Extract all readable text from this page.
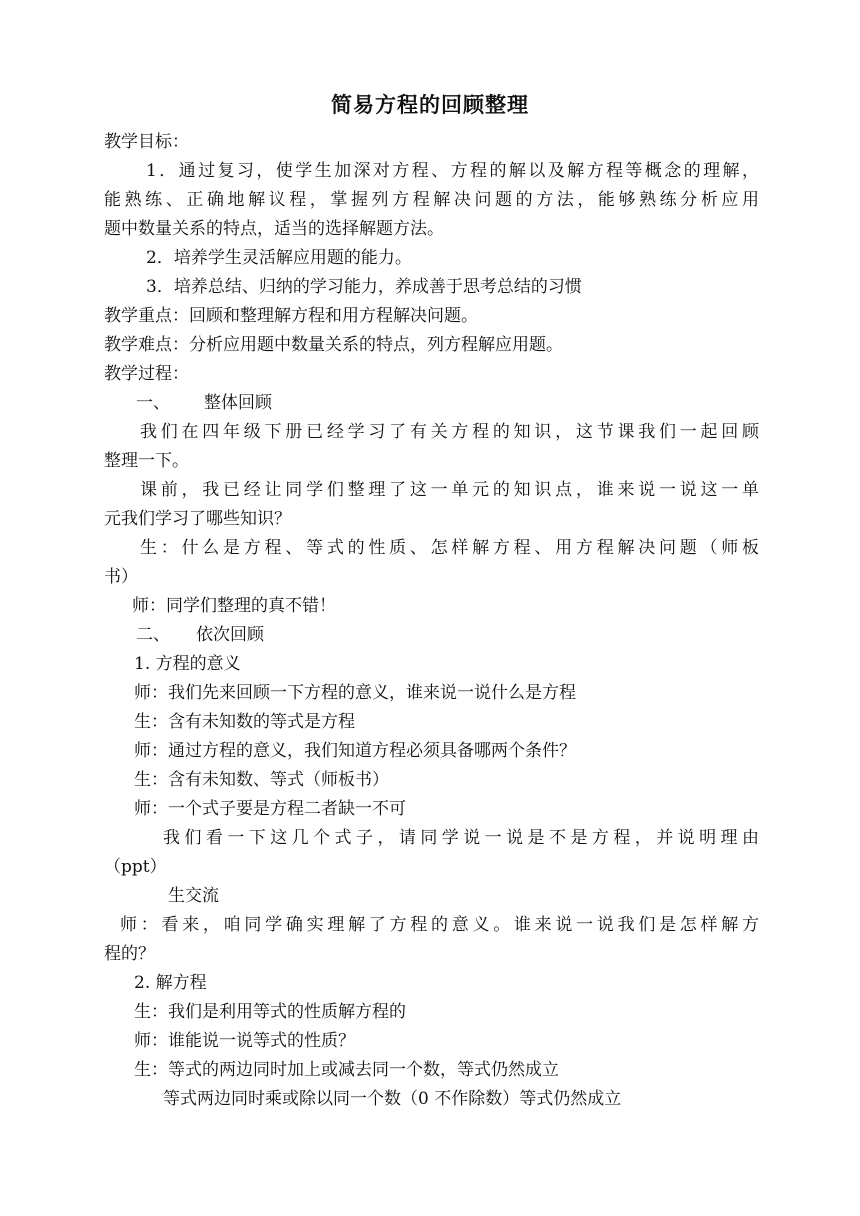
简易方程的回顾整理
教学目标：
1．通过复习，使学生加深对方程、方程的解以及解方程等概念的理解，
能熟练、正确地解议程，掌握列方程解决问题的方法，能够熟练分析应用
题中数量关系的特点，适当的选择解题方法。
2．培养学生灵活解应用题的能力。
3．培养总结、归纳的学习能力，养成善于思考总结的习惯
教学重点：回顾和整理解方程和用方程解决问题。
教学难点：分析应用题中数量关系的特点，列方程解应用题。
教学过程：
一、 整体回顾
我们在四年级下册已经学习了有关方程的知识，这节课我们一起回顾
整理一下。
课前，我已经让同学们整理了这一单元的知识点，谁来说一说这一单
元我们学习了哪些知识？
生：什么是方程、等式的性质、怎样解方程、用方程解决问题（师板
书）
师：同学们整理的真不错！
二、 依次回顾
1. 方程的意义
师：我们先来回顾一下方程的意义，谁来说一说什么是方程
生：含有未知数的等式是方程
师：通过方程的意义，我们知道方程必须具备哪两个条件？
生：含有未知数、等式（师板书）
师：一个式子要是方程二者缺一不可
我们看一下这几个式子，请同学说一说是不是方程，并说明理由
（ppt）
生交流
师：看来，咱同学确实理解了方程的意义。谁来说一说我们是怎样解方
程的？
2. 解方程
生：我们是利用等式的性质解方程的
师：谁能说一说等式的性质？
生：等式的两边同时加上或减去同一个数，等式仍然成立
等式两边同时乘或除以同一个数（0 不作除数）等式仍然成立
